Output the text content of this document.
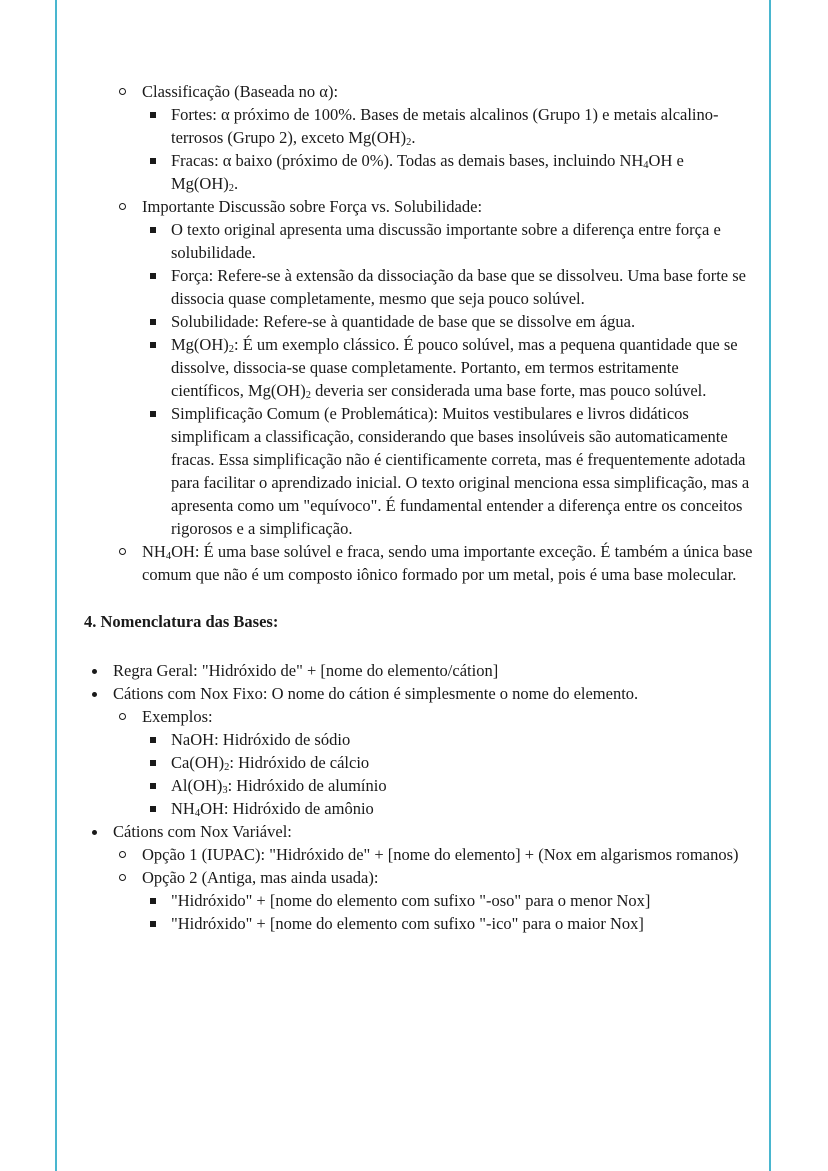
Classificação (Baseada no α):
Fortes: α próximo de 100%. Bases de metais alcalinos (Grupo 1) e metais alcalino-terrosos (Grupo 2), exceto $Mg(OH)_2$.
Fracas: α baixo (próximo de 0%). Todas as demais bases, incluindo $NH_4OH$ e $Mg(OH)_2$.
Importante Discussão sobre Força vs. Solubilidade:
O texto original apresenta uma discussão importante sobre a diferença entre força e solubilidade.
Força: Refere-se à extensão da dissociação da base que se dissolveu. Uma base forte se dissocia quase completamente, mesmo que seja pouco solúvel.
Solubilidade: Refere-se à quantidade de base que se dissolve em água.
$Mg(OH)_2$: É um exemplo clássico. É pouco solúvel, mas a pequena quantidade que se dissolve, dissocia-se quase completamente. Portanto, em termos estritamente científicos, $Mg(OH)_2$ deveria ser considerada uma base forte, mas pouco solúvel.
Simplificação Comum (e Problemática): Muitos vestibulares e livros didáticos simplificam a classificação, considerando que bases insolúveis são automaticamente fracas. Essa simplificação não é cientificamente correta, mas é frequentemente adotada para facilitar o aprendizado inicial. O texto original menciona essa simplificação, mas a apresenta como um "equívoco". É fundamental entender a diferença entre os conceitos rigorosos e a simplificação.
$NH_4OH$: É uma base solúvel e fraca, sendo uma importante exceção. É também a única base comum que não é um composto iônico formado por um metal, pois é uma base molecular.
4. Nomenclatura das Bases:
Regra Geral: "Hidróxido de" + [nome do elemento/cátion]
Cátions com Nox Fixo: O nome do cátion é simplesmente o nome do elemento.
Exemplos:
NaOH: Hidróxido de sódio
$Ca(OH)_2$: Hidróxido de cálcio
$Al(OH)_3$: Hidróxido de alumínio
$NH_4OH$: Hidróxido de amônio
Cátions com Nox Variável:
Opção 1 (IUPAC): "Hidróxido de" + [nome do elemento] + (Nox em algarismos romanos)
Opção 2 (Antiga, mas ainda usada):
"Hidróxido" + [nome do elemento com sufixo "-oso" para o menor Nox]
"Hidróxido" + [nome do elemento com sufixo "-ico" para o maior Nox]
